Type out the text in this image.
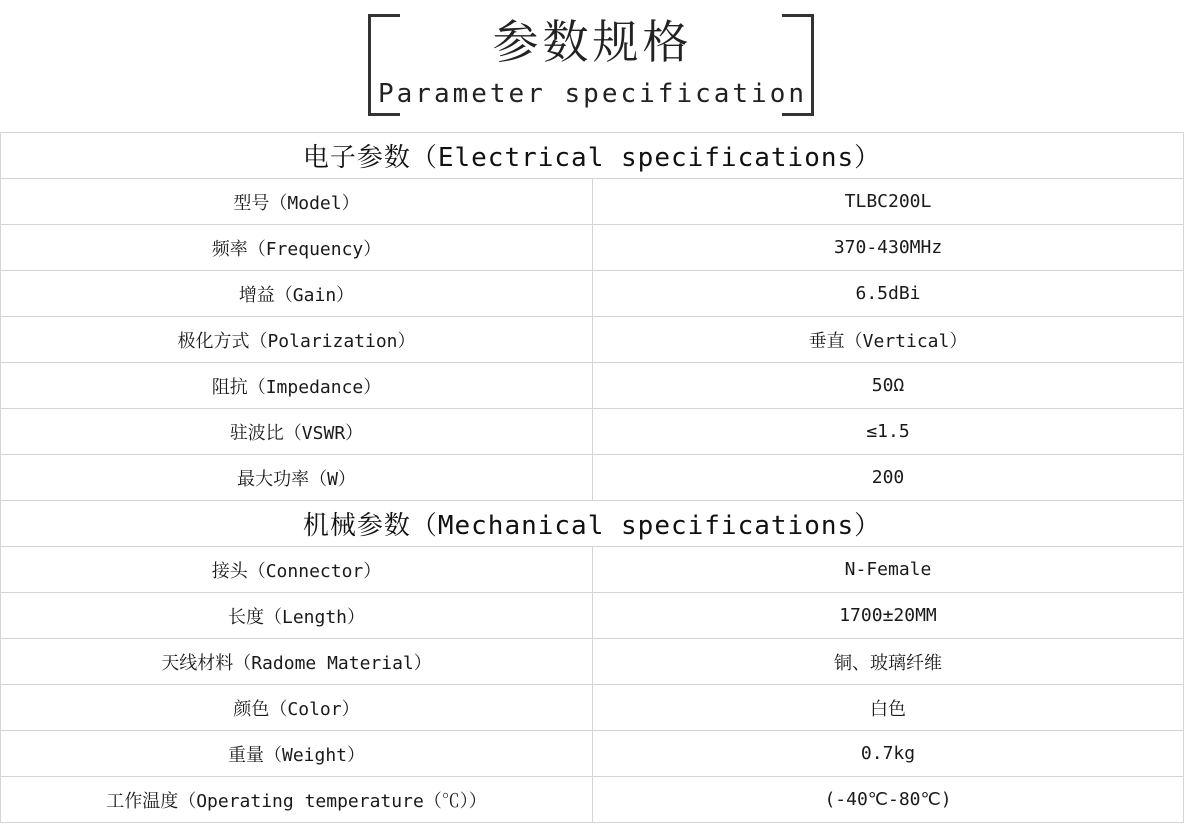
参数规格
Parameter specification
电子参数（Electrical specifications）	
型号（Model）	TLBC200L
频率（Frequency）	370-430MHz
增益（Gain）	6.5dBi
极化方式（Polarization）	垂直（Vertical）
阻抗（Impedance）	50Ω
驻波比（VSWR）	≤1.5
最大功率（W）	200
机械参数（Mechanical specifications）	
接头（Connector）	N-Female
长度（Length）	1700±20MM
天线材料（Radome Material）	铜、玻璃纤维
颜色（Color）	白色
重量（Weight）	0.7kg
工作温度（Operating temperature（℃））	(-40℃-80℃)
